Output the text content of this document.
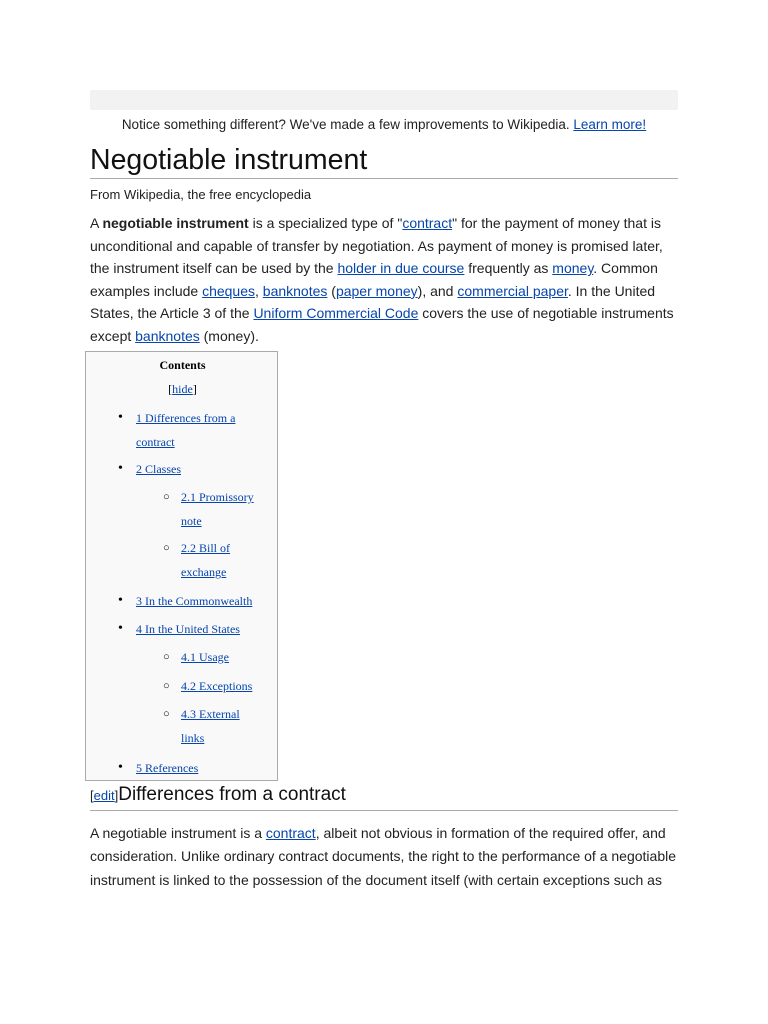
Notice something different? We've made a few improvements to Wikipedia. Learn more!
Negotiable instrument
From Wikipedia, the free encyclopedia

A negotiable instrument is a specialized type of "contract" for the payment of money that is unconditional and capable of transfer by negotiation. As payment of money is promised later, the instrument itself can be used by the holder in due course frequently as money. Common examples include cheques, banknotes (paper money), and commercial paper. In the United States, the Article 3 of the Uniform Commercial Code covers the use of negotiable instruments except banknotes (money).

Contents
[hide]
• 1 Differences from a
contract
• 2 Classes
○ 2.1 Promissory
note
○ 2.2 Bill of
exchange
• 3 In the Commonwealth
• 4 In the United States
○ 4.1 Usage
○ 4.2 Exceptions
○ 4.3 External
links
• 5 References
[edit]Differences from a contract

A negotiable instrument is a contract, albeit not obvious in formation of the required offer, and consideration. Unlike ordinary contract documents, the right to the performance of a negotiable instrument is linked to the possession of the document itself (with certain exceptions such as
